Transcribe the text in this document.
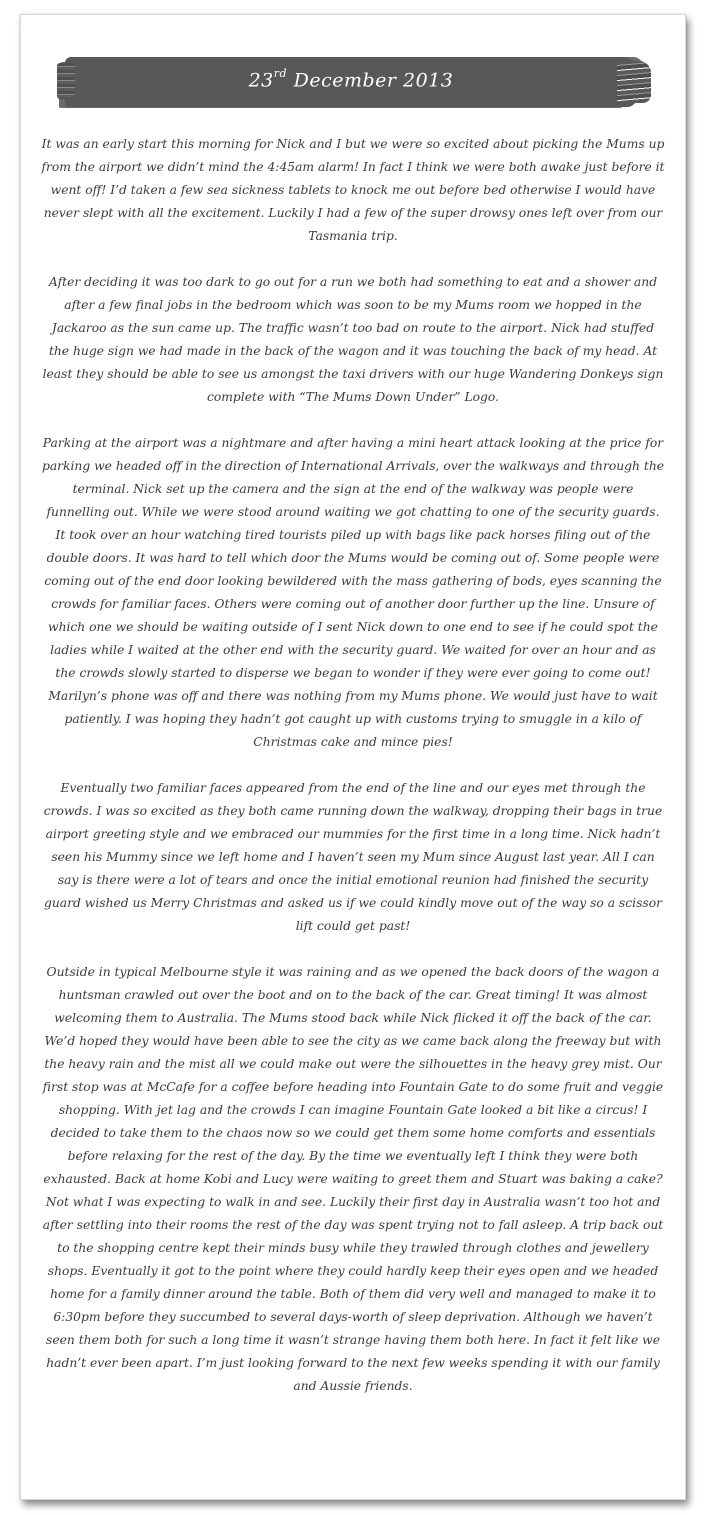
23rd December 2013

It was an early start this morning for Nick and I but we were so excited about picking the Mums up from the airport we didn’t mind the 4:45am alarm! In fact I think we were both awake just before it went off! I’d taken a few sea sickness tablets to knock me out before bed otherwise I would have never slept with all the excitement. Luckily I had a few of the super drowsy ones left over from our Tasmania trip.

After deciding it was too dark to go out for a run we both had something to eat and a shower and after a few final jobs in the bedroom which was soon to be my Mums room we hopped in the Jackaroo as the sun came up. The traffic wasn’t too bad on route to the airport. Nick had stuffed the huge sign we had made in the back of the wagon and it was touching the back of my head. At least they should be able to see us amongst the taxi drivers with our huge Wandering Donkeys sign complete with “The Mums Down Under” Logo.

Parking at the airport was a nightmare and after having a mini heart attack looking at the price for parking we headed off in the direction of International Arrivals, over the walkways and through the terminal. Nick set up the camera and the sign at the end of the walkway was people were funnelling out. While we were stood around waiting we got chatting to one of the security guards. It took over an hour watching tired tourists piled up with bags like pack horses filing out of the double doors. It was hard to tell which door the Mums would be coming out of. Some people were coming out of the end door looking bewildered with the mass gathering of bods, eyes scanning the crowds for familiar faces. Others were coming out of another door further up the line. Unsure of which one we should be waiting outside of I sent Nick down to one end to see if he could spot the ladies while I waited at the other end with the security guard. We waited for over an hour and as the crowds slowly started to disperse we began to wonder if they were ever going to come out! Marilyn’s phone was off and there was nothing from my Mums phone. We would just have to wait patiently. I was hoping they hadn’t got caught up with customs trying to smuggle in a kilo of Christmas cake and mince pies!

Eventually two familiar faces appeared from the end of the line and our eyes met through the crowds. I was so excited as they both came running down the walkway, dropping their bags in true airport greeting style and we embraced our mummies for the first time in a long time. Nick hadn’t seen his Mummy since we left home and I haven’t seen my Mum since August last year. All I can say is there were a lot of tears and once the initial emotional reunion had finished the security guard wished us Merry Christmas and asked us if we could kindly move out of the way so a scissor lift could get past!

Outside in typical Melbourne style it was raining and as we opened the back doors of the wagon a huntsman crawled out over the boot and on to the back of the car. Great timing! It was almost welcoming them to Australia. The Mums stood back while Nick flicked it off the back of the car. We’d hoped they would have been able to see the city as we came back along the freeway but with the heavy rain and the mist all we could make out were the silhouettes in the heavy grey mist. Our first stop was at McCafe for a coffee before heading into Fountain Gate to do some fruit and veggie shopping. With jet lag and the crowds I can imagine Fountain Gate looked a bit like a circus! I decided to take them to the chaos now so we could get them some home comforts and essentials before relaxing for the rest of the day. By the time we eventually left I think they were both exhausted. Back at home Kobi and Lucy were waiting to greet them and Stuart was baking a cake? Not what I was expecting to walk in and see. Luckily their first day in Australia wasn’t too hot and after settling into their rooms the rest of the day was spent trying not to fall asleep. A trip back out to the shopping centre kept their minds busy while they trawled through clothes and jewellery shops. Eventually it got to the point where they could hardly keep their eyes open and we headed home for a family dinner around the table. Both of them did very well and managed to make it to 6:30pm before they succumbed to several days-worth of sleep deprivation. Although we haven’t seen them both for such a long time it wasn’t strange having them both here. In fact it felt like we hadn’t ever been apart. I’m just looking forward to the next few weeks spending it with our family and Aussie friends.
